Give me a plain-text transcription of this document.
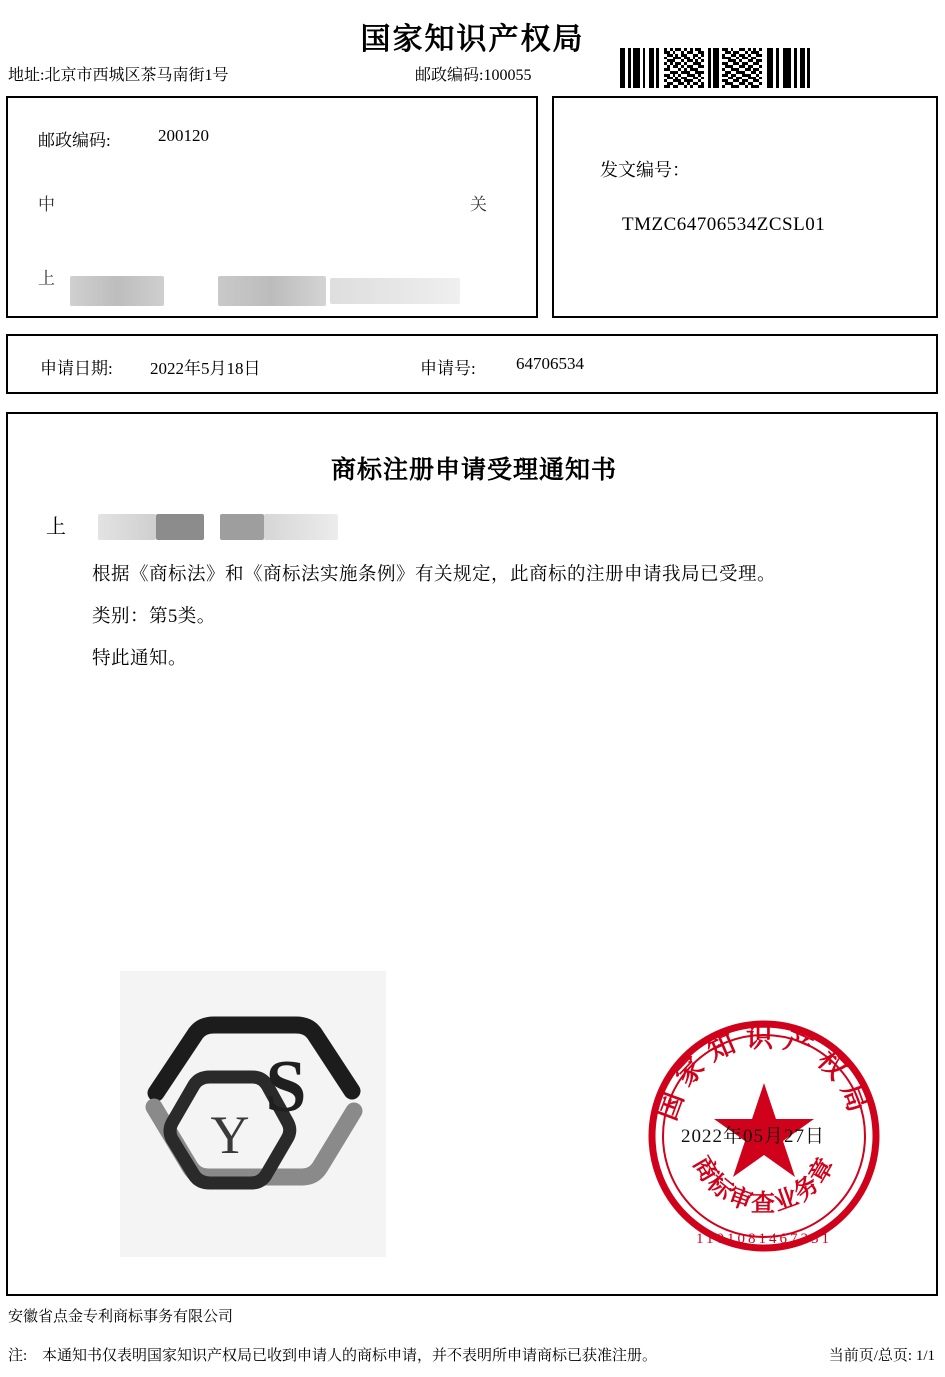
国家知识产权局
地址:北京市西城区茶马南街1号	邮政编码:100055
邮政编码:	200120
中	关
上
发文编号：
TMZC64706534ZCSL01
申请日期: 2022年5月18日	申请号: 64706534
商标注册申请受理通知书
上
根据《商标法》和《商标法实施条例》有关规定，此商标的注册申请我局已受理。
类别：第5类。
特此通知。
S
Y
国家知识产权局
商标审查业务章
1101081467331
2022年05月27日
安徽省点金专利商标事务有限公司
注: 本通知书仅表明国家知识产权局已收到申请人的商标申请，并不表明所申请商标已获准注册。	当前页/总页: 1/1
